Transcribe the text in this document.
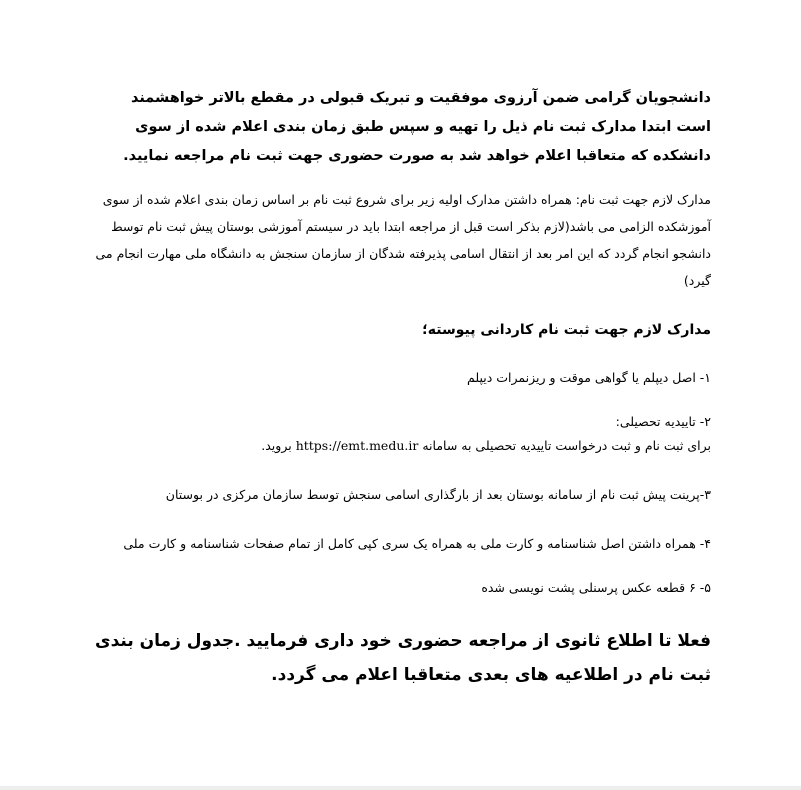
دانشجویان گرامی ضمن آرزوی موفقیت و تبریک قبولی در مقطع بالاتر خواهشمند است ابتدا مدارک ثبت نام ذیل را تهیه و سپس طبق زمان بندی اعلام شده از سوی دانشکده که متعاقبا اعلام خواهد شد به صورت حضوری جهت ثبت نام مراجعه نمایید.
مدارک لازم جهت ثبت نام: همراه داشتن مدارک اولیه زیر برای شروع ثبت نام بر اساس زمان بندی اعلام شده از سوی آموزشکده الزامی می باشد(لازم بذکر است قبل از مراجعه ابتدا باید در سیستم آموزشی بوستان پیش ثبت نام توسط دانشجو انجام گردد که این امر بعد از انتقال اسامی پذیرفته شدگان از سازمان سنجش به دانشگاه ملی مهارت انجام می گیرد)
مدارک لازم جهت ثبت نام کاردانی پیوسته؛
۱- اصل دیپلم یا گواهی موقت و ریزنمرات دیپلم
۲- تاییدیه تحصیلی:
برای ثبت نام و ثبت درخواست تاییدیه تحصیلی به سامانه https://emt.medu.ir بروید.
۳-پرینت پیش ثبت نام از سامانه بوستان بعد از بارگذاری اسامی سنجش توسط سازمان مرکزی در بوستان
۴- همراه داشتن اصل شناسنامه و کارت ملی به همراه یک سری کپی کامل از تمام صفحات شناسنامه و کارت ملی
۵- ۶ قطعه عکس پرسنلی پشت نویسی شده
فعلا تا اطلاع ثانوی از مراجعه حضوری خود داری فرمایید .جدول زمان بندی ثبت نام در اطلاعیه های بعدی متعاقبا اعلام می گردد.
